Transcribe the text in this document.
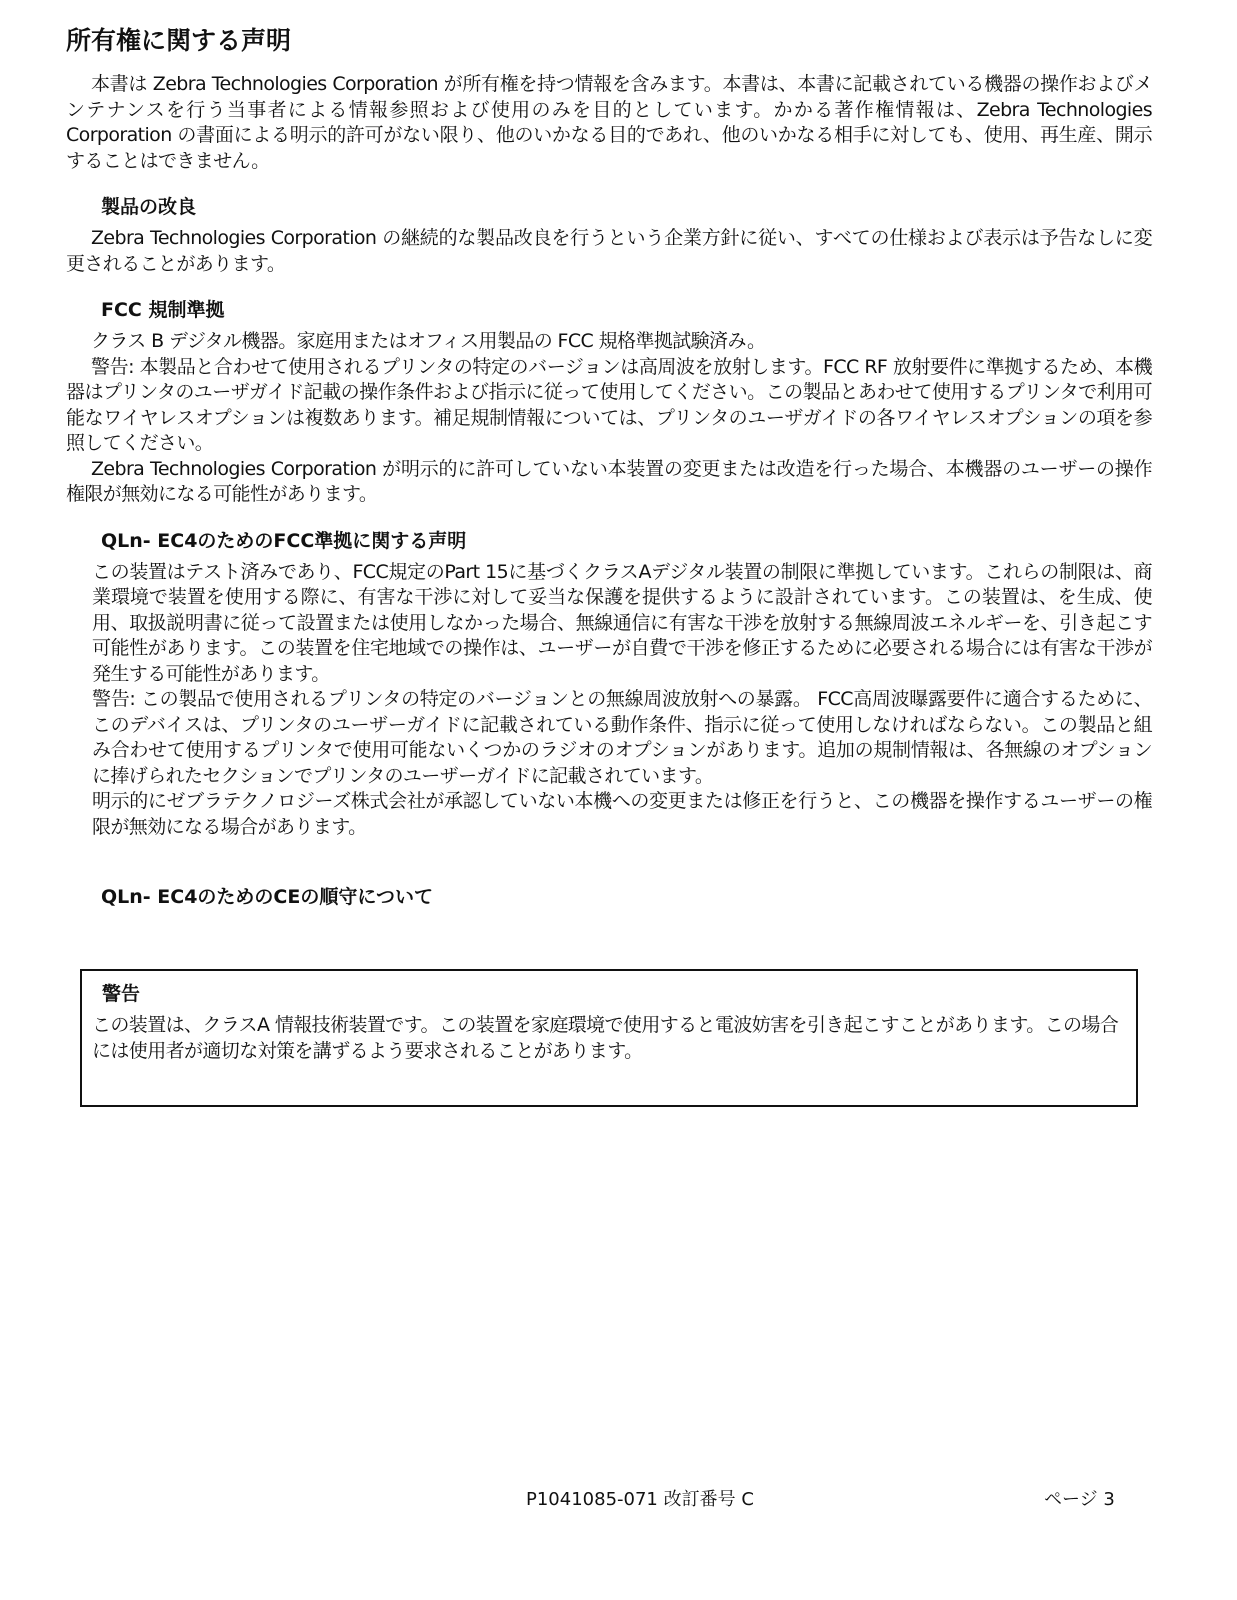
所有権に関する声明

本書は Zebra Technologies Corporation が所有権を持つ情報を含みます。本書は、本書に記載されている機器の操作およびメンテナンスを行う当事者による情報参照および使用のみを目的としています。かかる著作権情報は、Zebra Technologies Corporation の書面による明示的許可がない限り、他のいかなる目的であれ、他のいかなる相手に対しても、使用、再生産、開示することはできません。

製品の改良

Zebra Technologies Corporation の継続的な製品改良を行うという企業方針に従い、すべての仕様および表示は予告なしに変更されることがあります。

FCC 規制準拠

クラス B デジタル機器。家庭用またはオフィス用製品の FCC 規格準拠試験済み。

警告: 本製品と合わせて使用されるプリンタの特定のバージョンは高周波を放射します。FCC RF 放射要件に準拠するため、本機器はプリンタのユーザガイド記載の操作条件および指示に従って使用してください。この製品とあわせて使用するプリンタで利用可能なワイヤレスオプションは複数あります。補足規制情報については、プリンタのユーザガイドの各ワイヤレスオプションの項を参照してください。

Zebra Technologies Corporation が明示的に許可していない本装置の変更または改造を行った場合、本機器のユーザーの操作権限が無効になる可能性があります。

QLn- EC4のためのFCC準拠に関する声明

この装置はテスト済みであり、FCC規定のPart 15に基づくクラスAデジタル装置の制限に準拠しています。これらの制限は、商業環境で装置を使用する際に、有害な干渉に対して妥当な保護を提供するように設計されています。この装置は、を生成、使用、取扱説明書に従って設置または使用しなかった場合、無線通信に有害な干渉を放射する無線周波エネルギーを、引き起こす可能性があります。この装置を住宅地域での操作は、ユーザーが自費で干渉を修正するために必要される場合には有害な干渉が発生する可能性があります。

警告: この製品で使用されるプリンタの特定のバージョンとの無線周波放射への暴露。 FCC高周波曝露要件に適合するために、このデバイスは、プリンタのユーザーガイドに記載されている動作条件、指示に従って使用しなければならない。この製品と組み合わせて使用するプリンタで使用可能ないくつかのラジオのオプションがあります。追加の規制情報は、各無線のオプションに捧げられたセクションでプリンタのユーザーガイドに記載されています。

明示的にゼブラテクノロジーズ株式会社が承認していない本機への変更または修正を行うと、この機器を操作するユーザーの権限が無効になる場合があります。

QLn- EC4のためのCEの順守について
警告

この装置は、クラスA 情報技術装置です。この装置を家庭環境で使用すると電波妨害を引き起こすことがあります。この場合には使用者が適切な対策を講ずるよう要求されることがあります。

P1041085-071 改訂番号 C	ページ 3
